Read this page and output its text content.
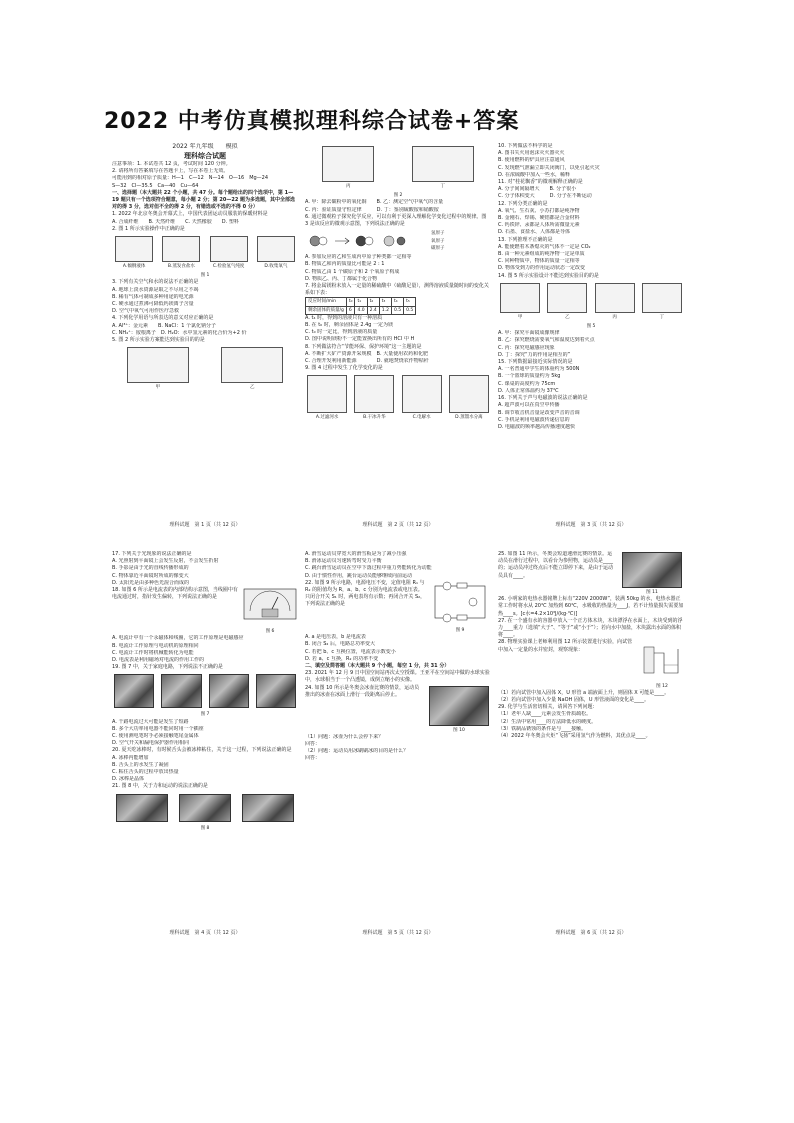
2022 中考仿真模拟理科综合试卷+答案
2022 年九年级　　模拟
理科综合试题
注意事项：1. 本试卷共 12 页，考试时间 120 分钟。
2. 请将所有答案填写在答题卡上，写在本卷上无效。
可能用到的相对原子质量：H—1　C—12　N—14　O—16　Mg—24
S—32　Cl—35.5　Ca—40　Cu—64
一、选择题（本大题共 22 个小题，共 47 分。每个题给出的四个选项中，第 1—19 题只有一个选项符合题意，每小题 2 分；第 20—22 题为多选题，其中全部选对的得 3 分，选对但不全的得 2 分，有错选或不选的不得 0 分）
1. 2022 年北京冬奥会开幕式上，中国代表团运动员服装的保暖材料是
A. 合成纤维　　B. 天然纤维　　C. 天然橡胶　　D. 塑料
2. 图 1 所示实验操作中正确的是
A.倾倒液体	B.蒸发食盐水	C.检验氢气纯度	D.收集氧气
图 1
3. 下列有关空气和水的说法不正确的是
A. 地球上淡水资源是取之不尽用之不竭
B. 稀有气体可制成多种用途的电光源
C. 硬水通过煮沸可降低钙镁离子含量
D. 空气中氧气可用作医疗急救
4. 下列化学用语与所表达的意义对应正确的是
A. Al³⁺：金元素　　B. NaCl：1 个氯化钠分子
C. NH₄⁺：铵根离子　D. H₂O：水中氢元素的化合价为+2 价
5. 图 2 所示实验方案能达到实验目的的是
甲	乙
理科试题　第 1 页（共 12 页）
丙	丁
图 2
A. 甲：除去碳粉中的氧化铜　　B. 乙：测定空气中氧气的含量
C. 丙：验证质量守恒定律　　　D. 丁：鉴别硫酸铵和硝酸铵
6. 通过微观粒子探究化学反应，可以有利于更深入理解化学变化过程中的规律。图 3 是该反应的微观示意图，下列说法正确的是
氢原子
氧原子
碳原子
A. 参加反应的乙和生成丙中原子种类都一定相等
B. 物质乙和丙的质量比可能是 2 : 1
C. 物质乙由 1 个碳原子和 2 个氧原子构成
D. 物质乙、丙、丁都属于化合物
7. 将金属镁粉末放入一定量的稀硫酸中（硫酸足量），测得溶液质量随时间的变化关系如下表：
反应时间/min	t₀	t₁	t₂	t₃	t₄	t₅
剩余固体的质量/g	6	4.0	2.4	1.2	0.5	0.5
A. t₄ 时，得到的溶液只有一种溶质
B. 在 t₀ 时，剩余固体是 2.4g 一定为镁
C. t₀ 时一定比，得到溶液的质量
D. 图中说明镁粉不一定能置换出所有的 HCl 中 H
8. 下列做法符合“节能环保、保护环境”这一主题的是
A. 不断扩大矿产资源开采规模　B. 大量使用农药和化肥
C. 合理开发利用新能源　　　　D. 就地焚烧农作物秸秆
9. 图 4 过程中发生了化学变化的是
A.过滤河水	B.干冰升华	C.电解水	D.蒸馏水分离
理科试题　第 2 页（共 12 页）
10. 下列做法不科学的是
A. 图书失火用泡沫灭火器灭火
B. 使用燃料的炉具应注意通风
C. 发现燃气泄漏立即关闭阀门，以免引起火灾
D. 在浓硫酸中加入一些水，稀释
11. 对“桂花飘香”的微观解释正确的是
A. 分子间间隔增大　　B. 分子很小
C. 分子体积变大　　　D. 分子在不断运动
12. 下列分类正确的是
A. 氧气、生石灰、小苏打都是纯净物
B. 金刚石、焊锡、硬铝都是合金材料
C. 钙铁锌、汞都是人体所需微量元素
D. 石墨、食盐水、人体都是导体
13. 下列推理不正确的是
A. 能使燃着木条熄灭的气体不一定是 CO₂
B. 由一种元素组成的纯净物一定是单质
C. 同种物质中，物体的质量一定相等
D. 物体受到力的作用运动状态一定改变
14. 图 5 所示实验设计不能达到实验目的的是
甲	乙	丙	丁
图 5
A. 甲：探究平面镜成像规律
B. 乙：探究燃烧需要氧气和温度达到着火点
C. 丙：探究电磁感应现象
D. 丁：探究“力的作用是相互的”
15. 下列数据最接近实际情况的是
A. 一名普通中学生的体重约为 500N
B. 一个篮球的质量约为 5kg
C. 课桌的高度约为 75cm
D. 人体正常体温约为 37℃
16. 下列关于声与电磁波的说法正确的是
A. 超声波可以在真空中传播
B. 调节收音机音量是改变声音的音调
C. 手机是利用电磁波传递信息的
D. 电磁波的频率越高传播速度越快
理科试题　第 3 页（共 12 页）
17. 下列关于光现象的说法正确的是
A. 光照射到平面镜上会发生反射，不会发生折射
B. 手影是由于光的直线传播形成的
C. 物体靠近平面镜时所成的像变大
D. 太阳光是由多种色光混合而成的
18. 如图 6 所示是电流表的内部结构示意图，当线圈中有电流通过时，指针发生偏转，下列说法正确的是
图 6
A. 电流计中有一个永磁体和线圈，它的工作原理是电磁感应
B. 电流计工作原理与电动机的原理相同
C. 电流计工作时将机械能转化为电能
D. 电流表是利用磁场对电流的作用工作的
19. 图 7 中，关于家庭电路，下列说法不正确的是
图 7
A. 干路电流过大可能是发生了短路
B. 多个大功率用电器不能同时用一个插座
C. 使用测电笔时手必须接触笔尾金属体
D. 空气开关和漏电保护器作用相同
20. 夏天吃冰棒时，有时候舌头会被冰棒粘住，关于这一过程，下列说法正确的是
A. 冰棒内能增加
B. 舌头上的水发生了凝固
C. 粘住舌头的过程中放出热量
D. 冰棒是晶体
21. 图 8 中，关于力和运动的说法正确的是
图 8
理科试题　第 4 页（共 12 页）
A. 滑雪运动员穿宽大的滑雪板是为了减小压强
B. 滑冰运动员匀速转弯时受力平衡
C. 跳台滑雪运动员在空中下落过程中重力势能转化为动能
D. 由于惯性作用，跳台运动员能够继续向前运动
22. 如图 9 所示电路，电源电压不变，定值电阻 R₁ 与 R₂ 的阻值均为 R，a、b、c 分别为电流表或电压表。只闭合开关 S₁ 时，两电表均有示数；再闭合开关 S₂，下列说法正确的是
图 9
A. a 是电压表，b 是电流表
B. 闭合 S₂ 后，电路总功率变大
C. 若把 b、c 互换位置，电流表示数变小
D. 若 a、c 互换，R₂ 的功率不变
二、填空及简答题（本大题共 9 个小题，每空 1 分，共 31 分）
23. 2021 年 12 月 9 日中国空间站再次太空授课。王亚平在空间站中做的水球实验中，水球相当于一个凸透镜，成倒立缩小的实像。
24. 如图 10 所示是冬奥会冰壶比赛的情景，运动员推出的冰壶在冰面上滑行一段距离后停止。
图 10
（1）问题：冰壶为什么会停下来？
回答：
（2）问题：运动员用冰刷刷冰的目的是什么？
回答：
理科试题　第 5 页（共 12 页）
25. 如图 11 所示，冬奥会短道速滑比赛的情景。运动员在滑行过程中，以看台为参照物，运动员是____的；运动员冲过终点后不能立即停下来，是由于运动员具有____。
图 11
26. 小明家的电热水器铭牌上标有“220V 2000W”，装满 50kg 的水，电热水器正常工作时将水从 20℃ 加热到 60℃，水吸收的热量为____J，若不计热量损失需要加热____s。[c水=4.2×10³J/(kg·℃)]
27. 在一个盛有水的容器中放入一个正方体木块，木块漂浮在水面上，木块受到的浮力____重力（选填“大于”、“等于”或“小于”）；若向水中加盐，木块露出水面的体积将____。
28. 物理实验课上老师利用图 12 所示装置进行实验，向试管中加入一定量的水并密封，观察现象：
图 12
（1）若向试管中加入固体 X，U 形管 a 端液面上升，则固体 X 可能是____。
（2）若向试管中加入少量 NaOH 固体，U 形管液面的变化是____。
29. 化学与生活密切相关，请回答下列问题：
（1）老年人缺____元素会发生骨质疏松。
（2）生活中常用____的方法降低水的硬度。
（3）铁制品锈蚀的条件是与____接触。
（4）2022 年冬奥会火炬“飞扬”采用氢气作为燃料，其优点是____。
理科试题　第 6 页（共 12 页）
